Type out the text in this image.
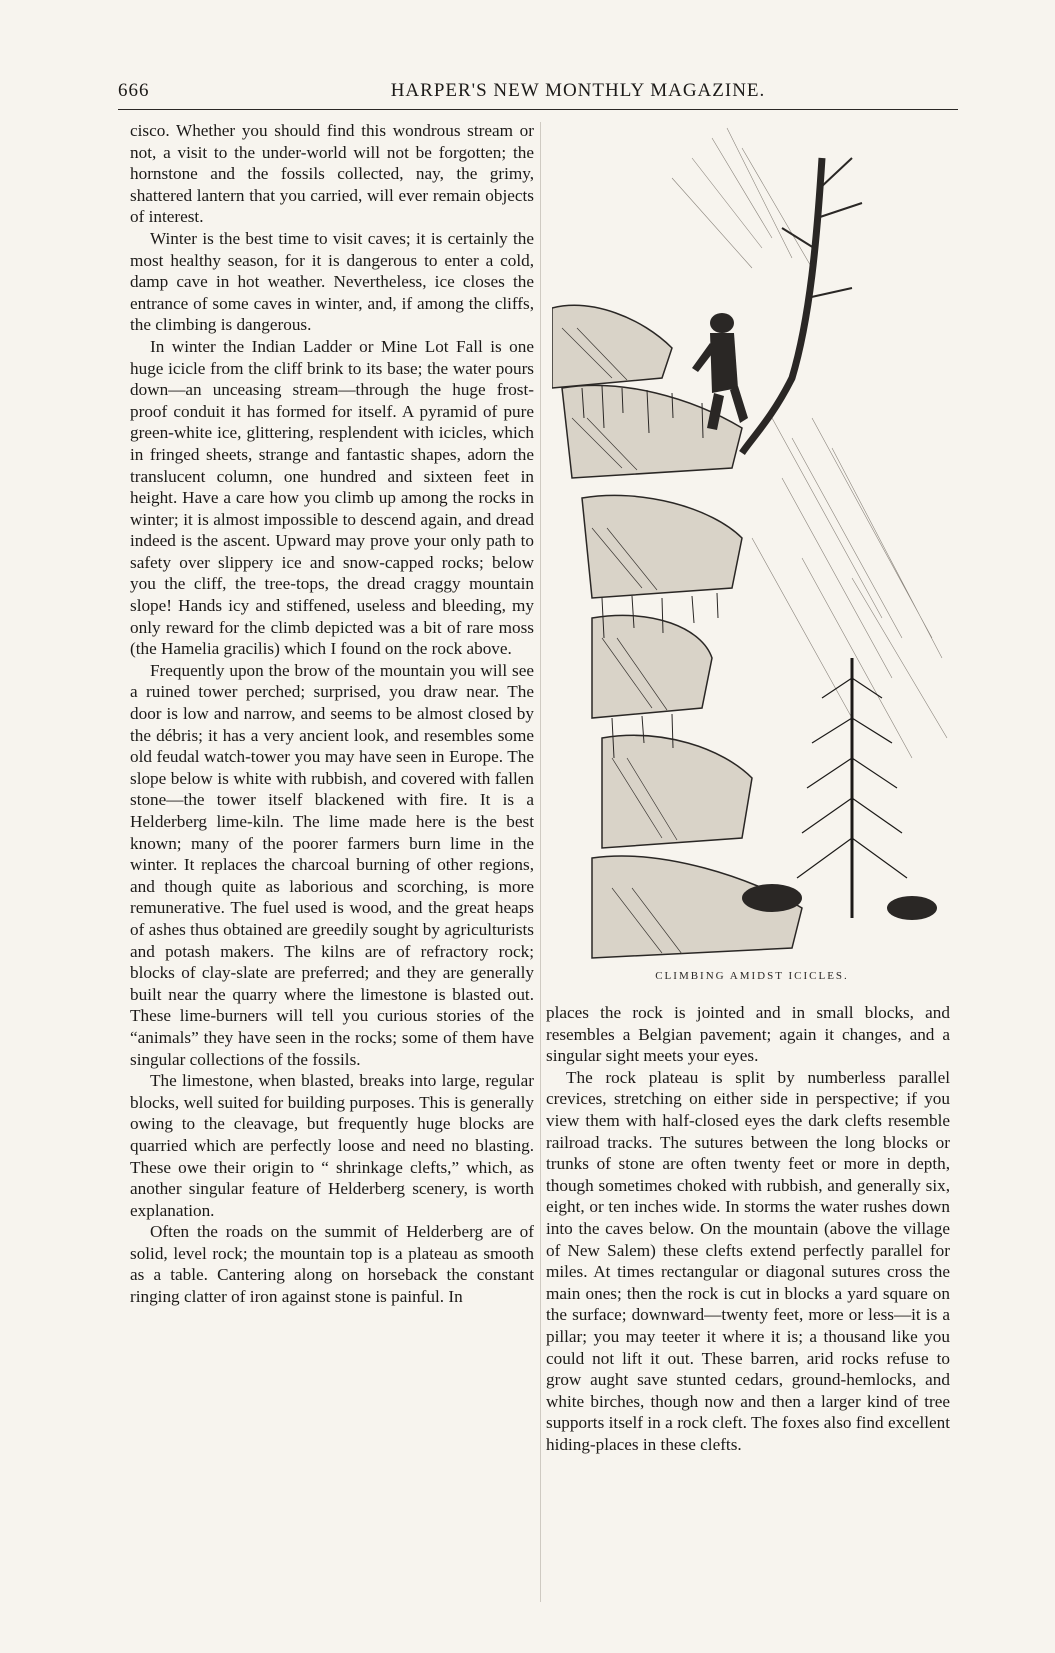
666	HARPER'S NEW MONTHLY MAGAZINE.

cisco. Whether you should find this wondrous stream or not, a visit to the under-world will not be forgotten; the hornstone and the fossils collected, nay, the grimy, shattered lantern that you carried, will ever remain objects of interest.

Winter is the best time to visit caves; it is certainly the most healthy season, for it is dangerous to enter a cold, damp cave in hot weather. Nevertheless, ice closes the entrance of some caves in winter, and, if among the cliffs, the climbing is dangerous.

In winter the Indian Ladder or Mine Lot Fall is one huge icicle from the cliff brink to its base; the water pours down—an unceasing stream—through the huge frost-proof conduit it has formed for itself. A pyramid of pure green-white ice, glittering, resplendent with icicles, which in fringed sheets, strange and fantastic shapes, adorn the translucent column, one hundred and sixteen feet in height. Have a care how you climb up among the rocks in winter; it is almost impossible to descend again, and dread indeed is the ascent. Upward may prove your only path to safety over slippery ice and snow-capped rocks; below you the cliff, the tree-tops, the dread craggy mountain slope! Hands icy and stiffened, useless and bleeding, my only reward for the climb depicted was a bit of rare moss (the Hamelia gracilis) which I found on the rock above.

Frequently upon the brow of the mountain you will see a ruined tower perched; surprised, you draw near. The door is low and narrow, and seems to be almost closed by the débris; it has a very ancient look, and resembles some old feudal watch-tower you may have seen in Europe. The slope below is white with rubbish, and covered with fallen stone—the tower itself blackened with fire. It is a Helderberg lime-kiln. The lime made here is the best known; many of the poorer farmers burn lime in the winter. It replaces the charcoal burning of other regions, and though quite as laborious and scorching, is more remunerative. The fuel used is wood, and the great heaps of ashes thus obtained are greedily sought by agriculturists and potash makers. The kilns are of refractory rock; blocks of clay-slate are preferred; and they are generally built near the quarry where the limestone is blasted out. These lime-burners will tell you curious stories of the “animals” they have seen in the rocks; some of them have singular collections of the fossils.

The limestone, when blasted, breaks into large, regular blocks, well suited for building purposes. This is generally owing to the cleavage, but frequently huge blocks are quarried which are perfectly loose and need no blasting. These owe their origin to “ shrinkage clefts,” which, as another singular feature of Helderberg scenery, is worth explanation.

Often the roads on the summit of Helderberg are of solid, level rock; the mountain top is a plateau as smooth as a table. Cantering along on horseback the constant ringing clatter of iron against stone is painful. In

CLIMBING AMIDST ICICLES.

places the rock is jointed and in small blocks, and resembles a Belgian pavement; again it changes, and a singular sight meets your eyes.

The rock plateau is split by numberless parallel crevices, stretching on either side in perspective; if you view them with half-closed eyes the dark clefts resemble railroad tracks. The sutures between the long blocks or trunks of stone are often twenty feet or more in depth, though sometimes choked with rubbish, and generally six, eight, or ten inches wide. In storms the water rushes down into the caves below. On the mountain (above the village of New Salem) these clefts extend perfectly parallel for miles. At times rectangular or diagonal sutures cross the main ones; then the rock is cut in blocks a yard square on the surface; downward—twenty feet, more or less—it is a pillar; you may teeter it where it is; a thousand like you could not lift it out. These barren, arid rocks refuse to grow aught save stunted cedars, ground-hemlocks, and white birches, though now and then a larger kind of tree supports itself in a rock cleft. The foxes also find excellent hiding-places in these clefts.
